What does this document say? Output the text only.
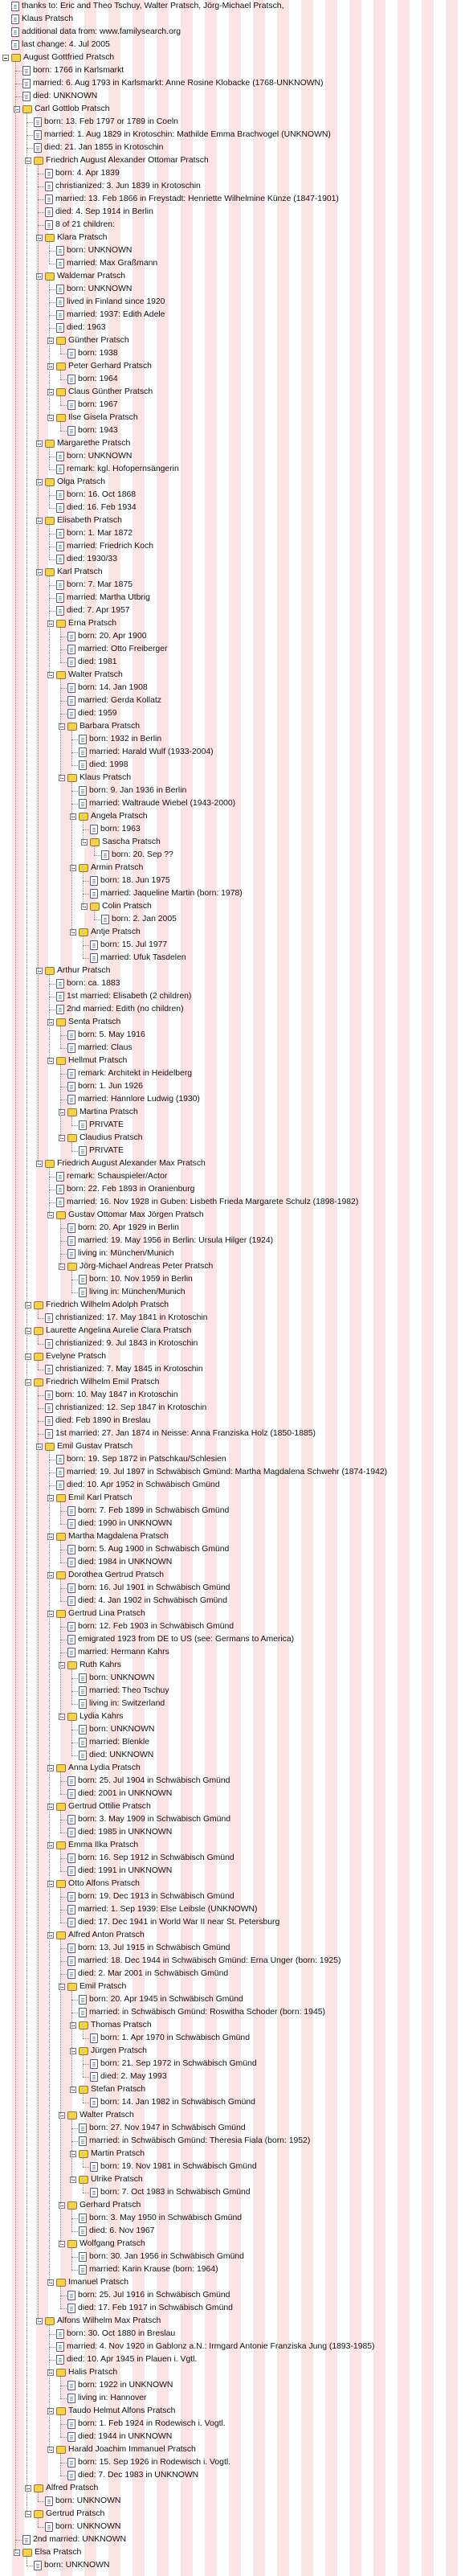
thanks to: Eric and Theo Tschuy, Walter Pratsch, Jörg-Michael Pratsch,
Klaus Pratsch
additional data from: www.familysearch.org
last change: 4. Jul 2005
August Gottfried Pratsch
born: 1766 in Karlsmarkt
married: 6. Aug 1793 in Karlsmarkt: Anne Rosine Klobacke (1768-UNKNOWN)
died: UNKNOWN
Carl Gottlob Pratsch
born: 13. Feb 1797 or 1789 in Coeln
married: 1. Aug 1829 in Krotoschin: Mathilde Emma Brachvogel (UNKNOWN)
died: 21. Jan 1855 in Krotoschin
Friedrich August Alexander Ottomar Pratsch
born: 4. Apr 1839
christianized: 3. Jun 1839 in Krotoschin
married: 13. Feb 1866 in Freystadt: Henriette Wilhelmine Künze (1847-1901)
died: 4. Sep 1914 in Berlin
8 of 21 children:
Klara Pratsch
born: UNKNOWN
married: Max Graßmann
Waldemar Pratsch
born: UNKNOWN
lived in Finland since 1920
married: 1937: Edith Adele
died: 1963
Günther Pratsch
born: 1938
Peter Gerhard Pratsch
born: 1964
Claus Günther Pratsch
born: 1967
Ilse Gisela Pratsch
born: 1943
Margarethe Pratsch
born: UNKNOWN
remark: kgl. Hofopernsängerin
Olga Pratsch
born: 16. Oct 1868
died: 16. Feb 1934
Elisabeth Pratsch
born: 1. Mar 1872
married: Friedrich Koch
died: 1930/33
Karl Pratsch
born: 7. Mar 1875
married: Martha Utbrig
died: 7. Apr 1957
Erna Pratsch
born: 20. Apr 1900
married: Otto Freiberger
died: 1981
Walter Pratsch
born: 14. Jan 1908
married: Gerda Kollatz
died: 1959
Barbara Pratsch
born: 1932 in Berlin
married: Harald Wulf (1933-2004)
died: 1998
Klaus Pratsch
born: 9. Jan 1936 in Berlin
married: Waltraude Wiebel (1943-2000)
Angela Pratsch
born: 1963
Sascha Pratsch
born: 20. Sep ??
Armin Pratsch
born: 18. Jun 1975
married: Jaqueline Martin (born: 1978)
Colin Pratsch
born: 2. Jan 2005
Antje Pratsch
born: 15. Jul 1977
married: Ufuk Tasdelen
Arthur Pratsch
born: ca. 1883
1st married: Elisabeth (2 children)
2nd married: Edith (no children)
Senta Pratsch
born: 5. May 1916
married: Claus
Hellmut Pratsch
remark: Architekt in Heidelberg
born: 1. Jun 1926
married: Hannlore Ludwig (1930)
Martina Pratsch
PRIVATE
Claudius Pratsch
PRIVATE
Friedrich August Alexander Max Pratsch
remark: Schauspieler/Actor
born: 22. Feb 1893 in Oranienburg
married: 16. Nov 1928 in Guben: Lisbeth Frieda Margarete Schulz (1898-1982)
Gustav Ottomar Max Jörgen Pratsch
born: 20. Apr 1929 in Berlin
married: 19. May 1956 in Berlin: Ursula Hilger (1924)
living in: München/Munich
Jörg-Michael Andreas Peter Pratsch
born: 10. Nov 1959 in Berlin
living in: München/Munich
Friedrich Wilhelm Adolph Pratsch
christianized: 17. May 1841 in Krotoschin
Laurette Angelina Aurelie Clara Pratsch
christianized: 9. Jul 1843 in Krotoschin
Evelyne Pratsch
christianized: 7. May 1845 in Krotoschin
Friedrich Wilhelm Emil Pratsch
born: 10. May 1847 in Krotoschin
christianized: 12. Sep 1847 in Krotoschin
died: Feb 1890 in Breslau
1st married: 27. Jan 1874 in Neisse: Anna Franziska Holz (1850-1885)
Emil Gustav Pratsch
born: 19. Sep 1872 in Patschkau/Schlesien
married: 19. Jul 1897 in Schwäbisch Gmünd: Martha Magdalena Schwehr (1874-1942)
died: 10. Apr 1952 in Schwäbisch Gmünd
Emil Karl Pratsch
born: 7. Feb 1899 in Schwäbisch Gmünd
died: 1990 in UNKNOWN
Martha Magdalena Pratsch
born: 5. Aug 1900 in Schwäbisch Gmünd
died: 1984 in UNKNOWN
Dorothea Gertrud Pratsch
born: 16. Jul 1901 in Schwäbisch Gmünd
died: 4. Jan 1902 in Schwäbisch Gmünd
Gertrud Lina Pratsch
born: 12. Feb 1903 in Schwäbisch Gmünd
emigrated 1923 from DE to US (see: Germans to America)
married: Hermann Kahrs
Ruth Kahrs
born: UNKNOWN
married: Theo Tschuy
living in: Switzerland
Lydia Kahrs
born: UNKNOWN
married: Blenkle
died: UNKNOWN
Anna Lydia Pratsch
born: 25. Jul 1904 in Schwäbisch Gmünd
died: 2001 in UNKNOWN
Gertrud Ottilie Pratsch
born: 3. May 1909 in Schwäbisch Gmünd
died: 1985 in UNKNOWN
Emma Ilka Pratsch
born: 16. Sep 1912 in Schwäbisch Gmünd
died: 1991 in UNKNOWN
Otto Alfons Pratsch
born: 19. Dec 1913 in Schwäbisch Gmünd
married: 1. Sep 1939: Else Leibsle (UNKNOWN)
died: 17. Dec 1941 in World War II near St. Petersburg
Alfred Anton Pratsch
born: 13. Jul 1915 in Schwäbisch Gmünd
married: 18. Dec 1944 in Schwäbisch Gmünd: Erna Unger (born: 1925)
died: 2. Mar 2001 in Schwäbisch Gmünd
Emil Pratsch
born: 20. Apr 1945 in Schwäbisch Gmünd
married: in Schwäbisch Gmünd: Roswitha Schoder (born: 1945)
Thomas Pratsch
born: 1. Apr 1970 in Schwäbisch Gmünd
Jürgen Pratsch
born: 21. Sep 1972 in Schwäbisch Gmünd
died: 2. May 1993
Stefan Pratsch
born: 14. Jan 1982 in Schwäbisch Gmünd
Walter Pratsch
born: 27. Nov 1947 in Schwäbisch Gmünd
married: in Schwäbisch Gmünd: Theresia Fiala (born: 1952)
Martin Pratsch
born: 19. Nov 1981 in Schwäbisch Gmünd
Ulrike Pratsch
born: 7. Oct 1983 in Schwäbisch Gmünd
Gerhard Pratsch
born: 3. May 1950 in Schwäbisch Gmünd
died: 6. Nov 1967
Wolfgang Pratsch
born: 30. Jan 1956 in Schwäbisch Gmünd
married: Karin Krause (born: 1964)
Imanuel Pratsch
born: 25. Jul 1916 in Schwäbisch Gmünd
died: 17. Feb 1917 in Schwäbisch Gmünd
Alfons Wilhelm Max Pratsch
born: 30. Oct 1880 in Breslau
married: 4. Nov 1920 in Gablonz a.N.: Irmgard Antonie Franziska Jung (1893-1985)
died: 10. Apr 1945 in Plauen i. Vgtl.
Halis Pratsch
born: 1922 in UNKNOWN
living in: Hannover
Taudo Helmut Alfons Pratsch
born: 1. Feb 1924 in Rodewisch i. Vogtl.
died: 1944 in UNKNOWN
Harald Joachim Immanuel Pratsch
born: 15. Sep 1926 in Rodewisch i. Vogtl.
died: 7. Dec 1983 in UNKNOWN
Alfred Pratsch
born: UNKNOWN
Gertrud Pratsch
born: UNKNOWN
2nd married: UNKNOWN
Elsa Pratsch
born: UNKNOWN
